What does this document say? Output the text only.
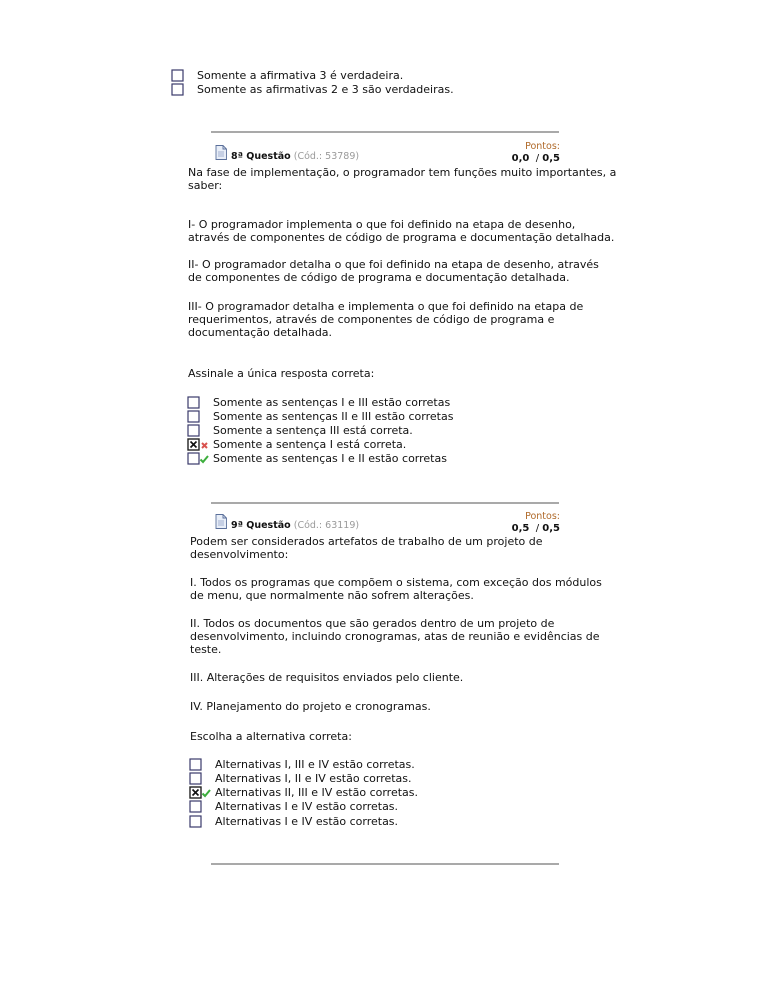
Somente a afirmativa 3 é verdadeira.
Somente as afirmativas 2 e 3 são verdadeiras.
8ª Questão (Cód.: 53789)
Pontos:
0,0 / 0,5
Na fase de implementação, o programador tem funções muito importantes, a
saber:
I- O programador implementa o que foi definido na etapa de desenho,
através de componentes de código de programa e documentação detalhada.
II- O programador detalha o que foi definido na etapa de desenho, através
de componentes de código de programa e documentação detalhada.
III- O programador detalha e implementa o que foi definido na etapa de
requerimentos, através de componentes de código de programa e
documentação detalhada.
Assinale a única resposta correta:
Somente as sentenças I e III estão corretas
Somente as sentenças II e III estão corretas
Somente a sentença III está correta.
Somente a sentença I está correta.
Somente as sentenças I e II estão corretas
9ª Questão (Cód.: 63119)
Pontos:
0,5 / 0,5
Podem ser considerados artefatos de trabalho de um projeto de
desenvolvimento:
I. Todos os programas que compõem o sistema, com exceção dos módulos
de menu, que normalmente não sofrem alterações.
II. Todos os documentos que são gerados dentro de um projeto de
desenvolvimento, incluindo cronogramas, atas de reunião e evidências de
teste.
III. Alterações de requisitos enviados pelo cliente.
IV. Planejamento do projeto e cronogramas.
Escolha a alternativa correta:
Alternativas I, III e IV estão corretas.
Alternativas I, II e IV estão corretas.
Alternativas II, III e IV estão corretas.
Alternativas I e IV estão corretas.
Alternativas I e IV estão corretas.
